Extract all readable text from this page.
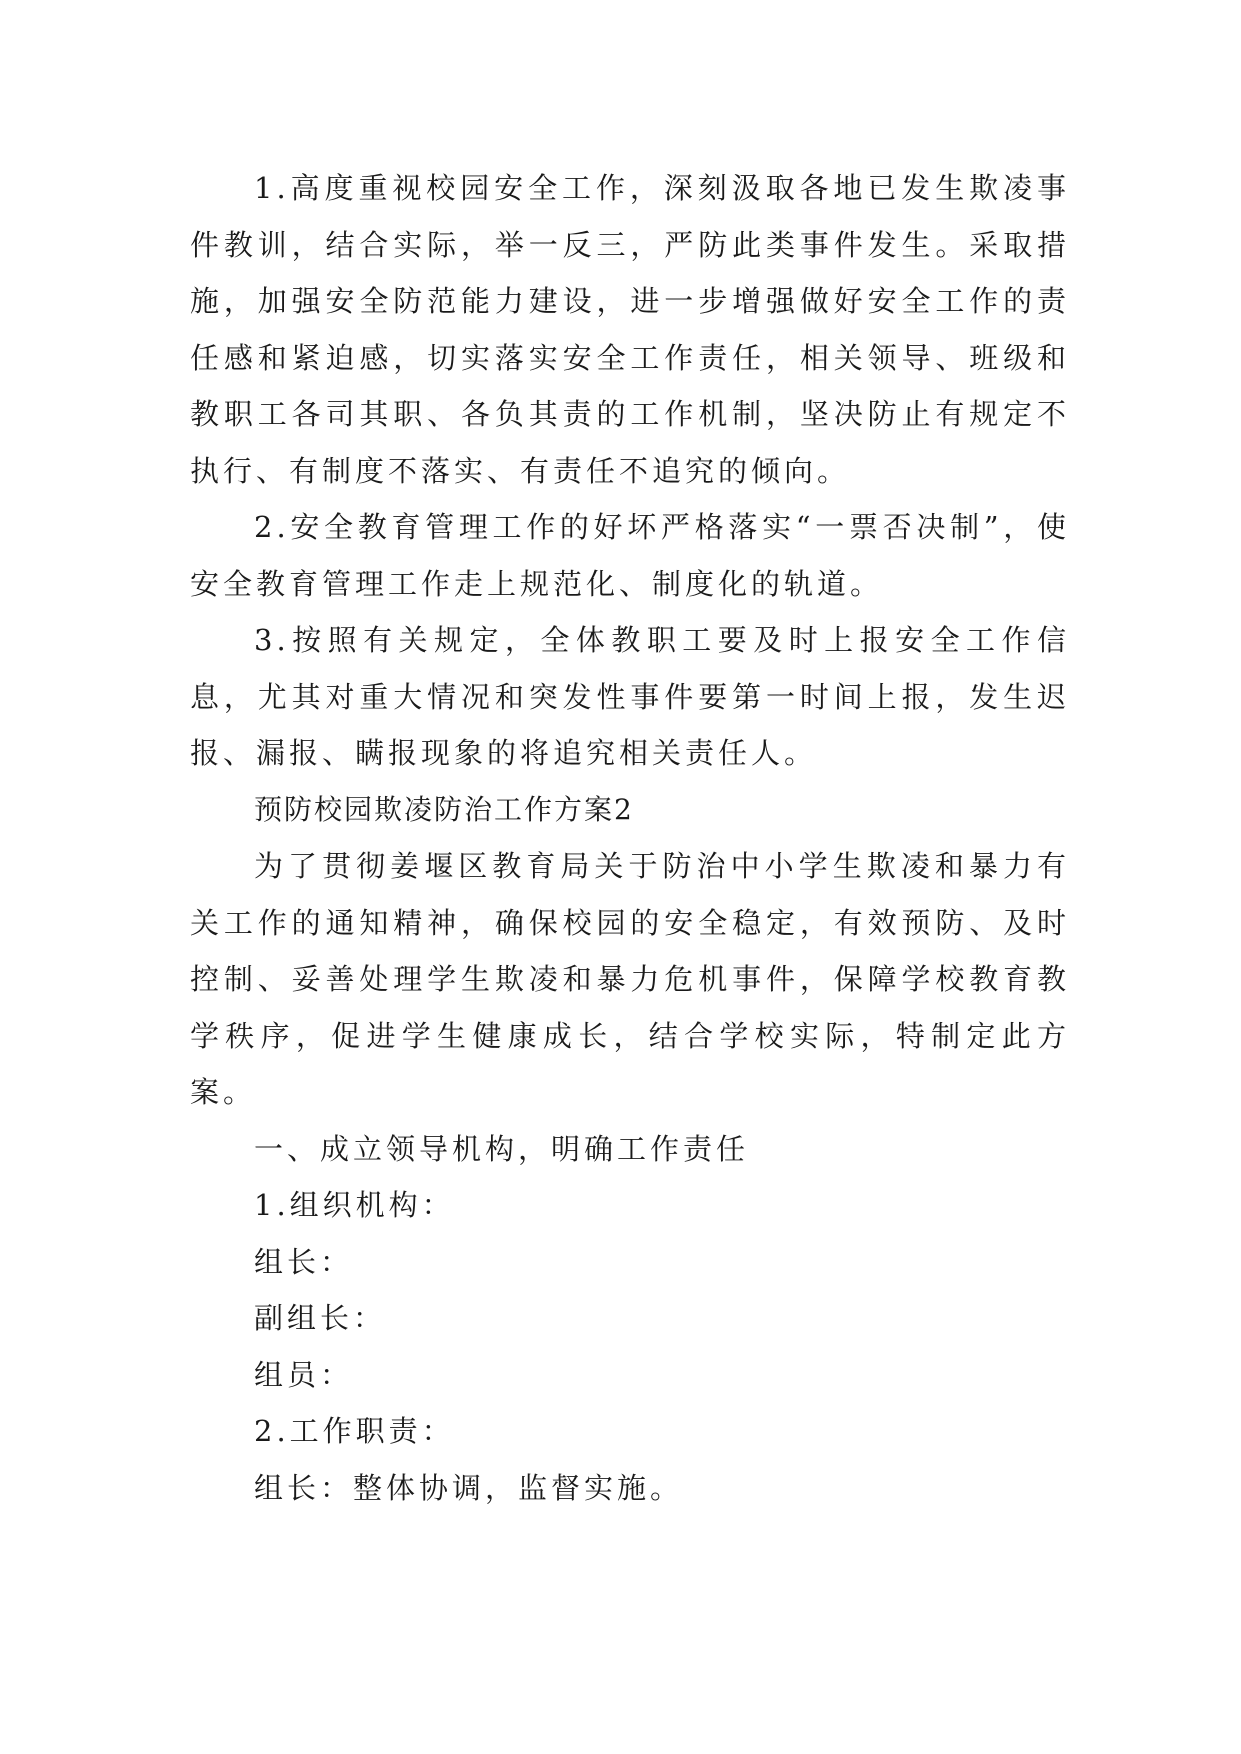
1.高度重视校园安全工作，深刻汲取各地已发生欺凌事件教训，结合实际，举一反三，严防此类事件发生。采取措施，加强安全防范能力建设，进一步增强做好安全工作的责任感和紧迫感，切实落实安全工作责任，相关领导、班级和教职工各司其职、各负其责的工作机制，坚决防止有规定不执行、有制度不落实、有责任不追究的倾向。

2.安全教育管理工作的好坏严格落实“一票否决制”，使安全教育管理工作走上规范化、制度化的轨道。

3.按照有关规定，全体教职工要及时上报安全工作信息，尤其对重大情况和突发性事件要第一时间上报，发生迟报、漏报、瞒报现象的将追究相关责任人。

预防校园欺凌防治工作方案2

为了贯彻姜堰区教育局关于防治中小学生欺凌和暴力有关工作的通知精神，确保校园的安全稳定，有效预防、及时控制、妥善处理学生欺凌和暴力危机事件，保障学校教育教学秩序，促进学生健康成长，结合学校实际，特制定此方案。

一、成立领导机构，明确工作责任

1.组织机构：

组长：

副组长：

组员：

2.工作职责：

组长：整体协调，监督实施。
